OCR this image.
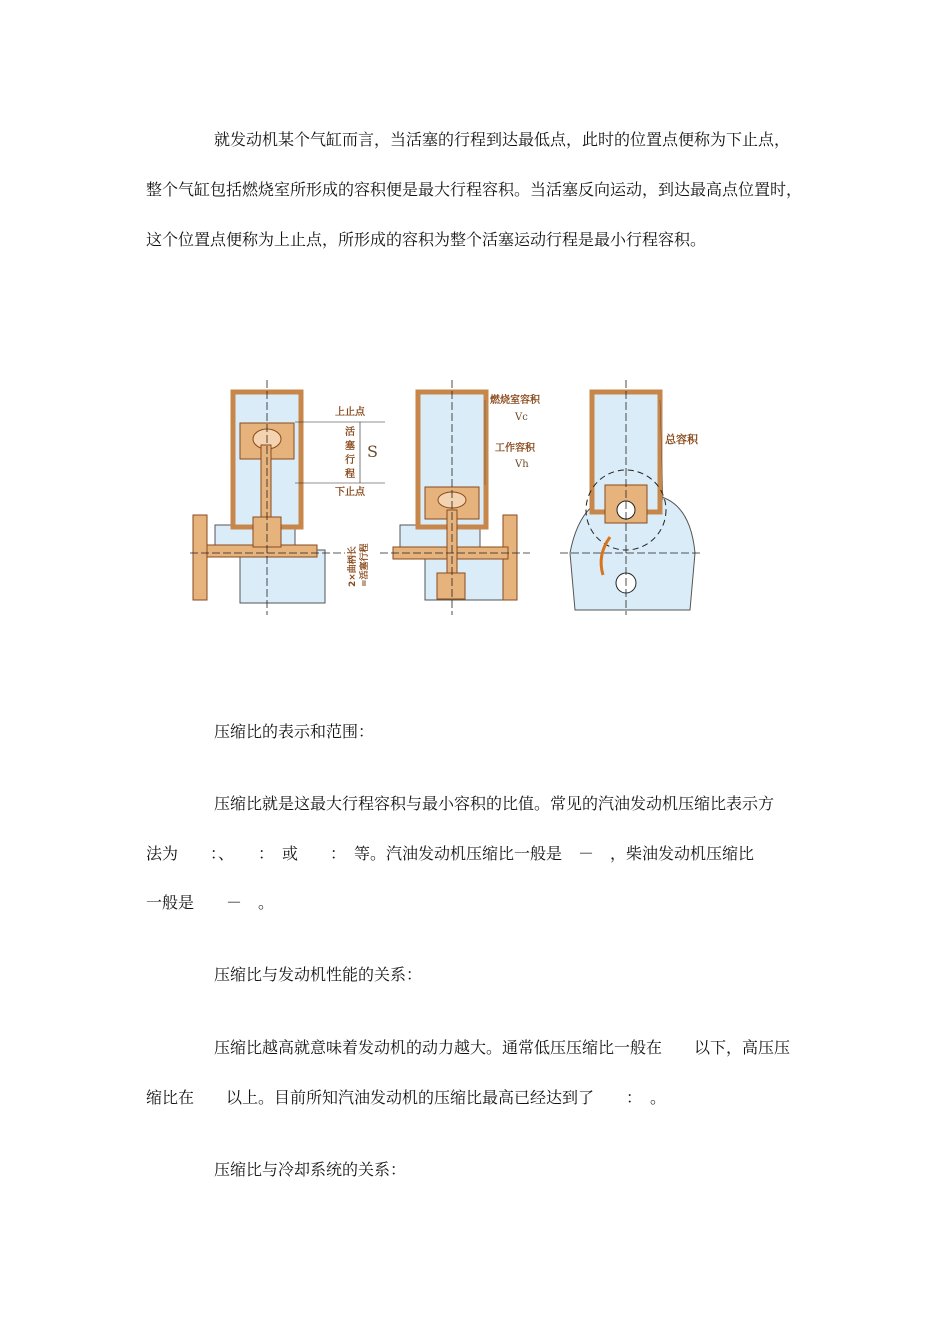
就发动机某个气缸而言，当活塞的行程到达最低点，此时的位置点便称为下止点，
整个气缸包括燃烧室所形成的容积便是最大行程容积。当活塞反向运动，到达最高点位置时，
这个位置点便称为上止点，所形成的容积为整个活塞运动行程是最小行程容积。
上止点
活
塞
行
程
S
下止点
燃烧室容积
Vc
工作容积
Vh
2×曲柄长 =活塞行程
总容积
压缩比的表示和范围：
压缩比就是这最大行程容积与最小容积的比值。常见的汽油发动机压缩比表示方
法为　　：、　　：　或　　：　等。汽油发动机压缩比一般是　－　，柴油发动机压缩比
一般是　　－　。
压缩比与发动机性能的关系：
压缩比越高就意味着发动机的动力越大。通常低压压缩比一般在　　以下，高压压
缩比在　　以上。目前所知汽油发动机的压缩比最高已经达到了　　：　。
压缩比与冷却系统的关系：
